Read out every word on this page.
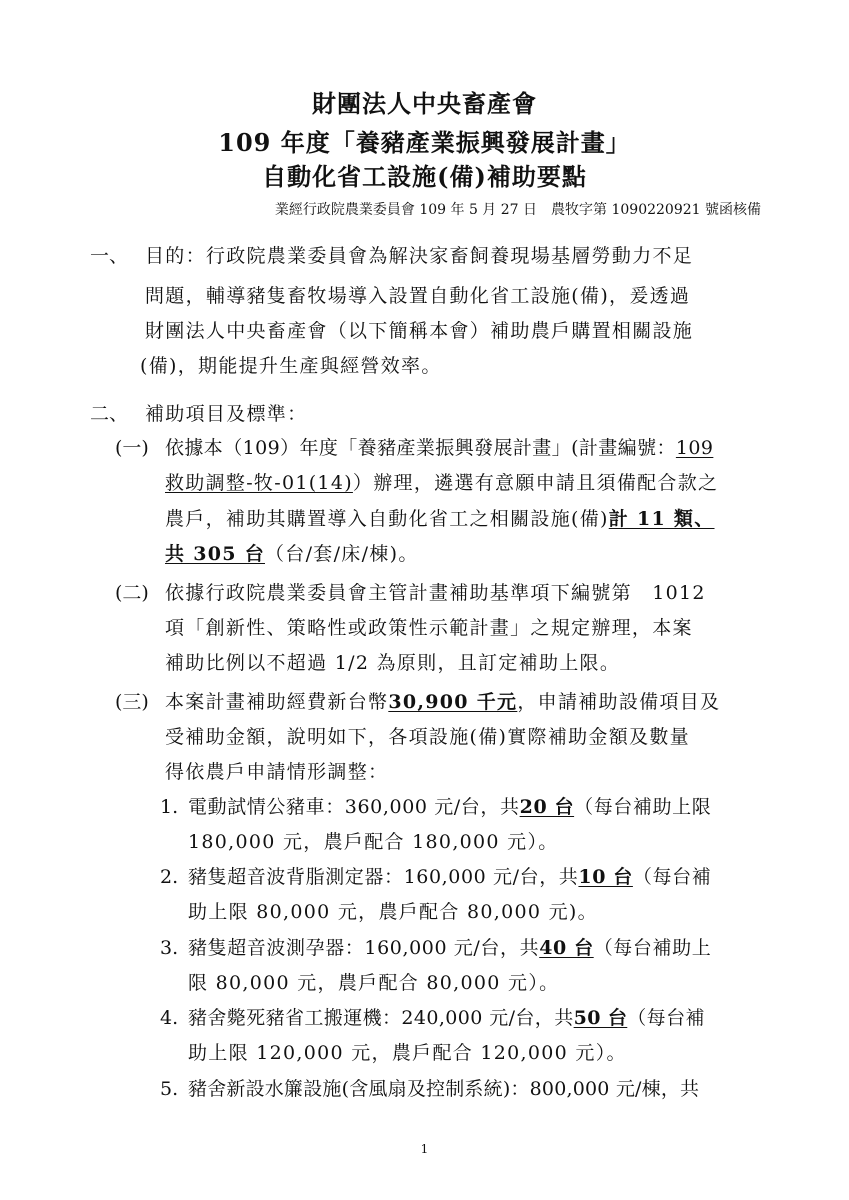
財團法人中央畜產會
109 年度「養豬產業振興發展計畫」
自動化省工設施(備)補助要點
業經行政院農業委員會 109 年 5 月 27 日　農牧字第 1090220921 號函核備
一、 目的：行政院農業委員會為解決家畜飼養現場基層勞動力不足
問題，輔導豬隻畜牧場導入設置自動化省工設施(備)，爰透過
財團法人中央畜產會（以下簡稱本會）補助農戶購置相關設施
(備)，期能提升生產與經營效率。
二、 補助項目及標準：
(一) 依據本（109）年度「養豬產業振興發展計畫」(計畫編號：109
救助調整-牧-01(14)）辦理，遴選有意願申請且須備配合款之
農戶，補助其購置導入自動化省工之相關設施(備)計 11 類、
共 305 台（台/套/床/棟)。
(二) 依據行政院農業委員會主管計畫補助基準項下編號第　1012
項「創新性、策略性或政策性示範計畫」之規定辦理，本案
補助比例以不超過 1/2 為原則，且訂定補助上限。
(三) 本案計畫補助經費新台幣30,900 千元，申請補助設備項目及
受補助金額，說明如下，各項設施(備)實際補助金額及數量
得依農戶申請情形調整：
1. 電動試情公豬車：360,000 元/台，共20 台（每台補助上限
180,000 元，農戶配合 180,000 元）。
2. 豬隻超音波背脂測定器：160,000 元/台，共10 台（每台補
助上限 80,000 元，農戶配合 80,000 元)。
3. 豬隻超音波測孕器：160,000 元/台，共40 台（每台補助上
限 80,000 元，農戶配合 80,000 元）。
4. 豬舍斃死豬省工搬運機：240,000 元/台，共50 台（每台補
助上限 120,000 元，農戶配合 120,000 元）。
5. 豬舍新設水簾設施(含風扇及控制系統)：800,000 元/棟，共
1
